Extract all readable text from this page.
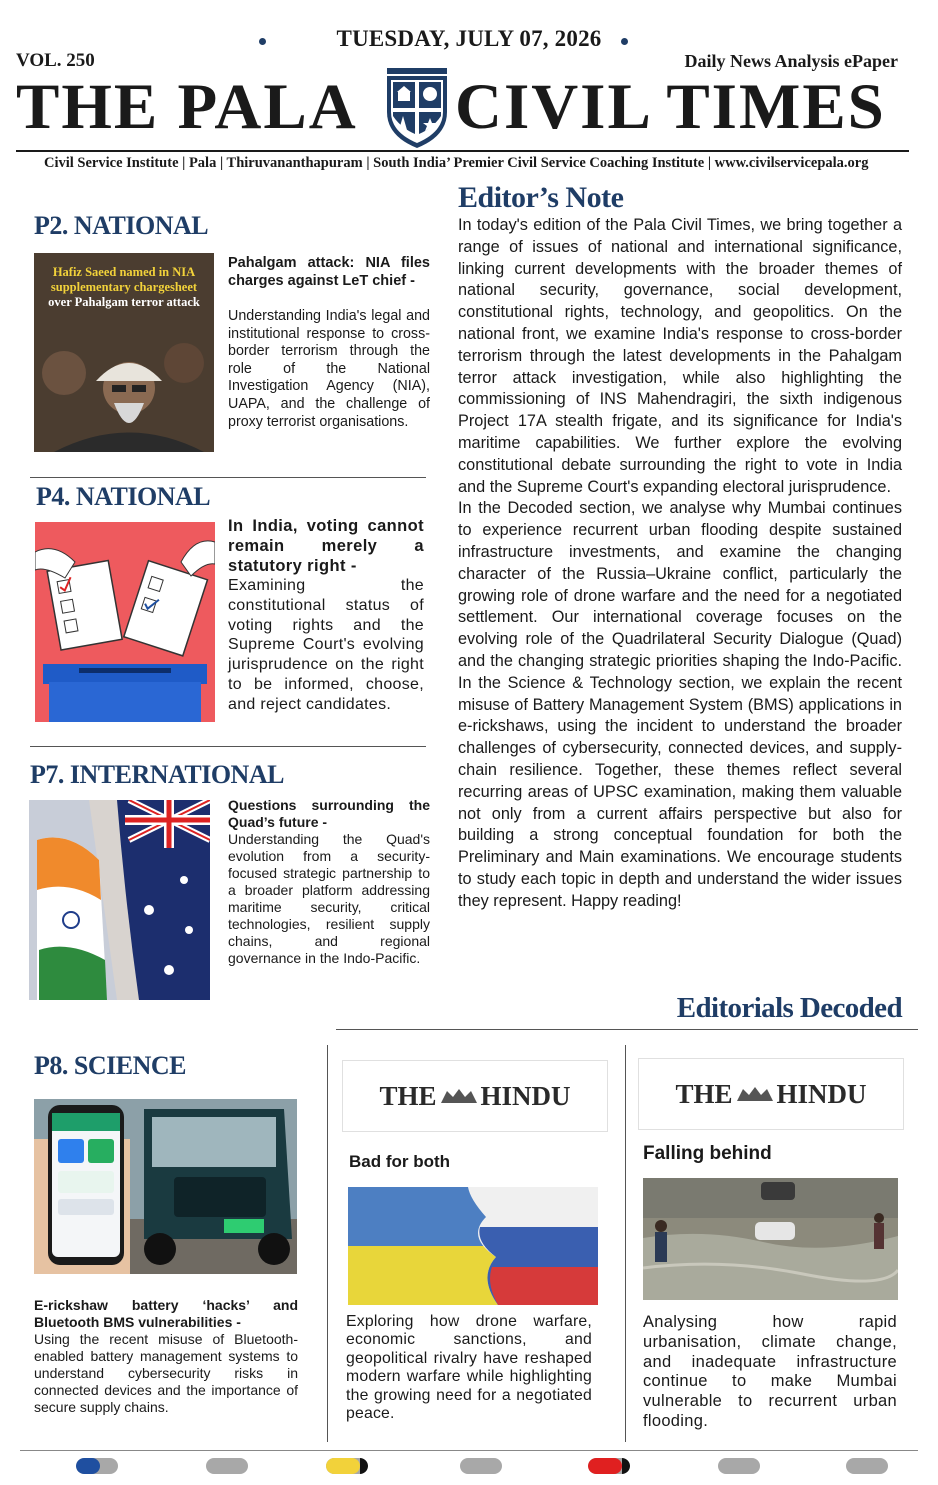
TUESDAY, JULY 07, 2026
VOL. 250	Daily News Analysis ePaper
THE PALA CIVIL TIMES
Civil Service Institute | Pala | Thiruvananthapuram | South India’ Premier Civil Service Coaching Institute | www.civilservicepala.org
P2. NATIONAL
Hafiz Saeed named in NIA
supplementary chargesheet
over Pahalgam terror attack
Pahalgam attack: NIA files charges against LeT chief -
Understanding India's legal and institutional response to cross-border terrorism through the role of the National Investigation Agency (NIA), UAPA, and the challenge of proxy terrorist organisations.
P4. NATIONAL
In India, voting cannot remain merely a statutory right -
Examining the constitutional status of voting rights and the Supreme Court's evolving jurisprudence on the right to be informed, choose, and reject candidates.
P7. INTERNATIONAL
Questions surrounding the Quad’s future -
Understanding the Quad's evolution from a security-focused strategic partnership to a broader platform addressing maritime security, critical technologies, resilient supply chains, and regional governance in the Indo-Pacific.
Editor’s Note

In today's edition of the Pala Civil Times, we bring together a range of issues of national and international significance, linking current developments with the broader themes of national security, governance, social development, constitutional rights, technology, and geopolitics. On the national front, we examine India's response to cross-border terrorism through the latest developments in the Pahalgam terror attack investigation, while also highlighting the commissioning of INS Mahendragiri, the sixth indigenous Project 17A stealth frigate, and its significance for India's maritime capabilities. We further explore the evolving constitutional debate surrounding the right to vote in India and the Supreme Court's expanding electoral jurisprudence.

In the Decoded section, we analyse why Mumbai continues to experience recurrent urban flooding despite sustained infrastructure investments, and examine the changing character of the Russia–Ukraine conflict, particularly the growing role of drone warfare and the need for a negotiated settlement. Our international coverage focuses on the evolving role of the Quadrilateral Security Dialogue (Quad) and the changing strategic priorities shaping the Indo-Pacific. In the Science & Technology section, we explain the recent misuse of Battery Management System (BMS) applications in e-rickshaws, using the incident to understand the broader challenges of cybersecurity, connected devices, and supply-chain resilience. Together, these themes reflect several recurring areas of UPSC examination, making them valuable not only from a current affairs perspective but also for building a strong conceptual foundation for both the Preliminary and Main examinations. We encourage students to study each topic in depth and understand the wider issues they represent. Happy reading!

Editorials Decoded
P8. SCIENCE
E-rickshaw battery ‘hacks’ and Bluetooth BMS vulnerabilities -
Using the recent misuse of Bluetooth-enabled battery management systems to understand cybersecurity risks in connected devices and the importance of secure supply chains.
THE HINDU
Bad for both
Exploring how drone warfare, economic sanctions, and geopolitical rivalry have reshaped modern warfare while highlighting the growing need for a negotiated peace.
THE HINDU
Falling behind
Analysing how rapid urbanisation, climate change, and inadequate infrastructure continue to make Mumbai vulnerable to recurrent urban flooding.
